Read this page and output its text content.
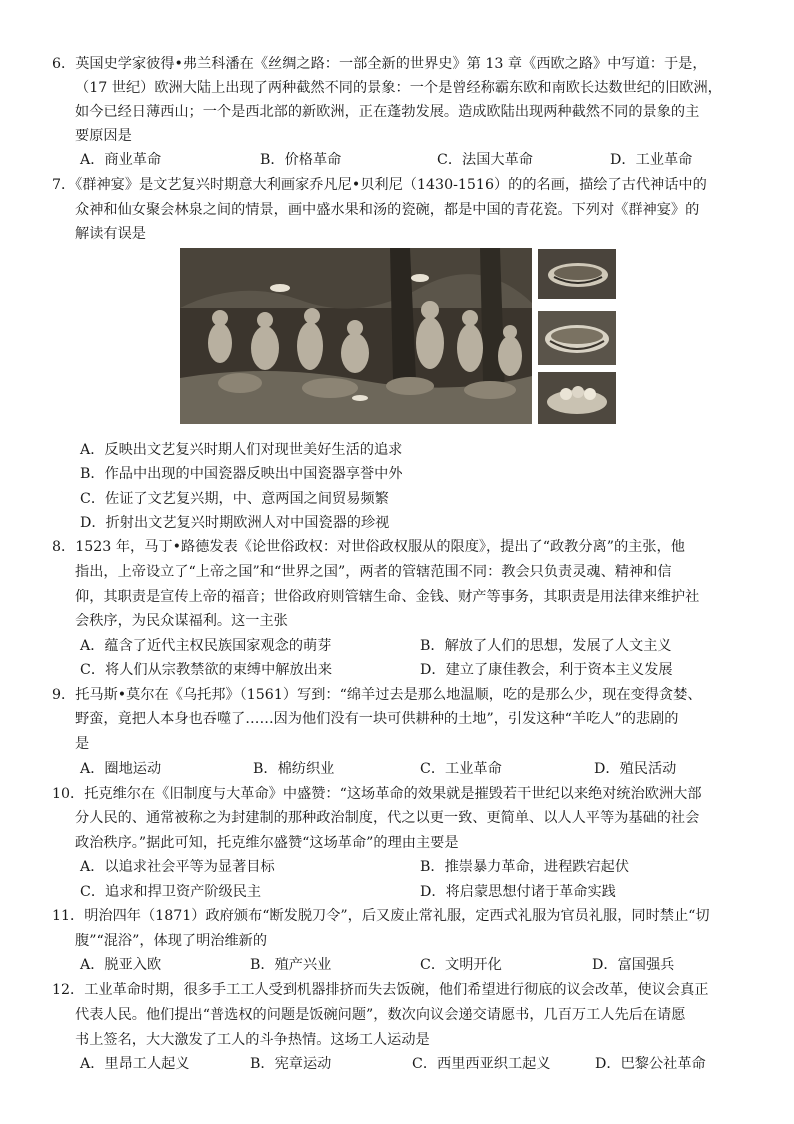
6．英国史学家彼得•弗兰科潘在《丝绸之路：一部全新的世界史》第 13 章《西欧之路》中写道：于是，
（17 世纪）欧洲大陆上出现了两种截然不同的景象：一个是曾经称霸东欧和南欧长达数世纪的旧欧洲，
如今已经日薄西山；一个是西北部的新欧洲，正在蓬勃发展。造成欧陆出现两种截然不同的景象的主
要原因是
A．商业革命	B．价格革命	C．法国大革命	D．工业革命
7．《群神宴》是文艺复兴时期意大利画家乔凡尼•贝利尼（1430-1516）的的名画，描绘了古代神话中的
众神和仙女聚会林泉之间的情景，画中盛水果和汤的瓷碗，都是中国的青花瓷。下列对《群神宴》的
解读有误是
A．反映出文艺复兴时期人们对现世美好生活的追求
B．作品中出现的中国瓷器反映出中国瓷器享誉中外
C．佐证了文艺复兴期，中、意两国之间贸易频繁
D．折射出文艺复兴时期欧洲人对中国瓷器的珍视
8．1523 年，马丁•路德发表《论世俗政权：对世俗政权服从的限度》，提出了“政教分离”的主张，他
指出，上帝设立了“上帝之国”和“世界之国”，两者的管辖范围不同：教会只负责灵魂、精神和信
仰，其职责是宣传上帝的福音；世俗政府则管辖生命、金钱、财产等事务，其职责是用法律来维护社
会秩序，为民众谋福利。这一主张
A．蕴含了近代主权民族国家观念的萌芽	B．解放了人们的思想，发展了人文主义
C．将人们从宗教禁欲的束缚中解放出来	D．建立了康佳教会，利于资本主义发展
9．托马斯•莫尔在《乌托邦》（1561）写到：“绵羊过去是那么地温顺，吃的是那么少，现在变得贪婪、
野蛮，竟把人本身也吞噬了……因为他们没有一块可供耕种的土地”，引发这种“羊吃人”的悲剧的
是
A．圈地运动	B．棉纺织业	C．工业革命	D．殖民活动
10．托克维尔在《旧制度与大革命》中盛赞：“这场革命的效果就是摧毁若干世纪以来绝对统治欧洲大部
分人民的、通常被称之为封建制的那种政治制度，代之以更一致、更简单、以人人平等为基础的社会
政治秩序。”据此可知，托克维尔盛赞“这场革命”的理由主要是
A．以追求社会平等为显著目标	B．推崇暴力革命，进程跌宕起伏
C．追求和捍卫资产阶级民主	D．将启蒙思想付诸于革命实践
11．明治四年（1871）政府颁布“断发脱刀令”，后又废止常礼服，定西式礼服为官员礼服，同时禁止“切
腹”“混浴”，体现了明治维新的
A．脱亚入欧	B．殖产兴业	C．文明开化	D．富国强兵
12．工业革命时期，很多手工工人受到机器排挤而失去饭碗，他们希望进行彻底的议会改革，使议会真正
代表人民。他们提出“普选权的问题是饭碗问题”，数次向议会递交请愿书，几百万工人先后在请愿
书上签名，大大激发了工人的斗争热情。这场工人运动是
A．里昂工人起义	B．宪章运动	C．西里西亚织工起义	D．巴黎公社革命
